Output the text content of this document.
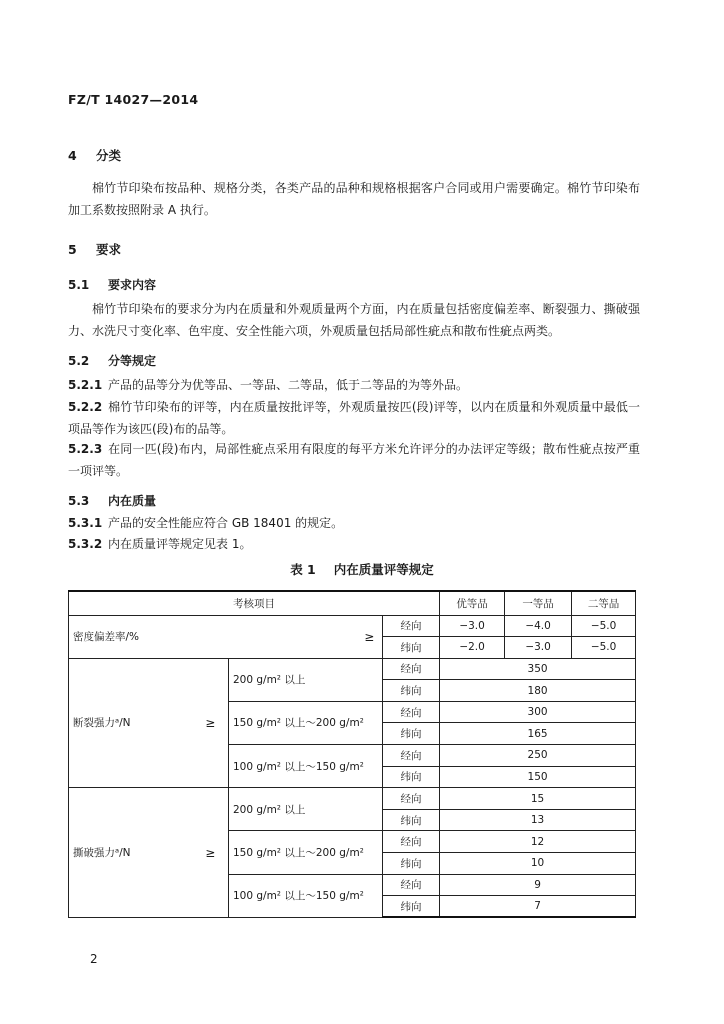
FZ/T 14027—2014
4 分类
棉竹节印染布按品种、规格分类，各类产品的品种和规格根据客户合同或用户需要确定。棉竹节印染布加工系数按照附录 A 执行。
5 要求
5.1 要求内容
棉竹节印染布的要求分为内在质量和外观质量两个方面，内在质量包括密度偏差率、断裂强力、撕破强力、水洗尺寸变化率、色牢度、安全性能六项，外观质量包括局部性疵点和散布性疵点两类。
5.2 分等规定
5.2.1 产品的品等分为优等品、一等品、二等品，低于二等品的为等外品。
5.2.2 棉竹节印染布的评等，内在质量按批评等，外观质量按匹(段)评等，以内在质量和外观质量中最低一项品等作为该匹(段)布的品等。
5.2.3 在同一匹(段)布内，局部性疵点采用有限度的每平方米允许评分的办法评定等级；散布性疵点按严重一项评等。
5.3 内在质量
5.3.1 产品的安全性能应符合 GB 18401 的规定。
5.3.2 内在质量评等规定见表 1。
表 1 内在质量评等规定
考核项目					优等品	一等品	二等品
密度偏差率/%			≥	经向	−3.0	−4.0	−5.0
				纬向	−2.0	−3.0	−5.0
断裂强力ᵃ/N	≥	200 g/m² 以上		经向	350		
				纬向	180		
		150 g/m² 以上～200 g/m²		经向	300		
				纬向	165		
		100 g/m² 以上～150 g/m²		经向	250		
				纬向	150		
撕破强力ᵃ/N	≥	200 g/m² 以上		经向	15		
				纬向	13		
		150 g/m² 以上～200 g/m²		经向	12		
				纬向	10		
		100 g/m² 以上～150 g/m²		经向	9		
				纬向	7		
2
